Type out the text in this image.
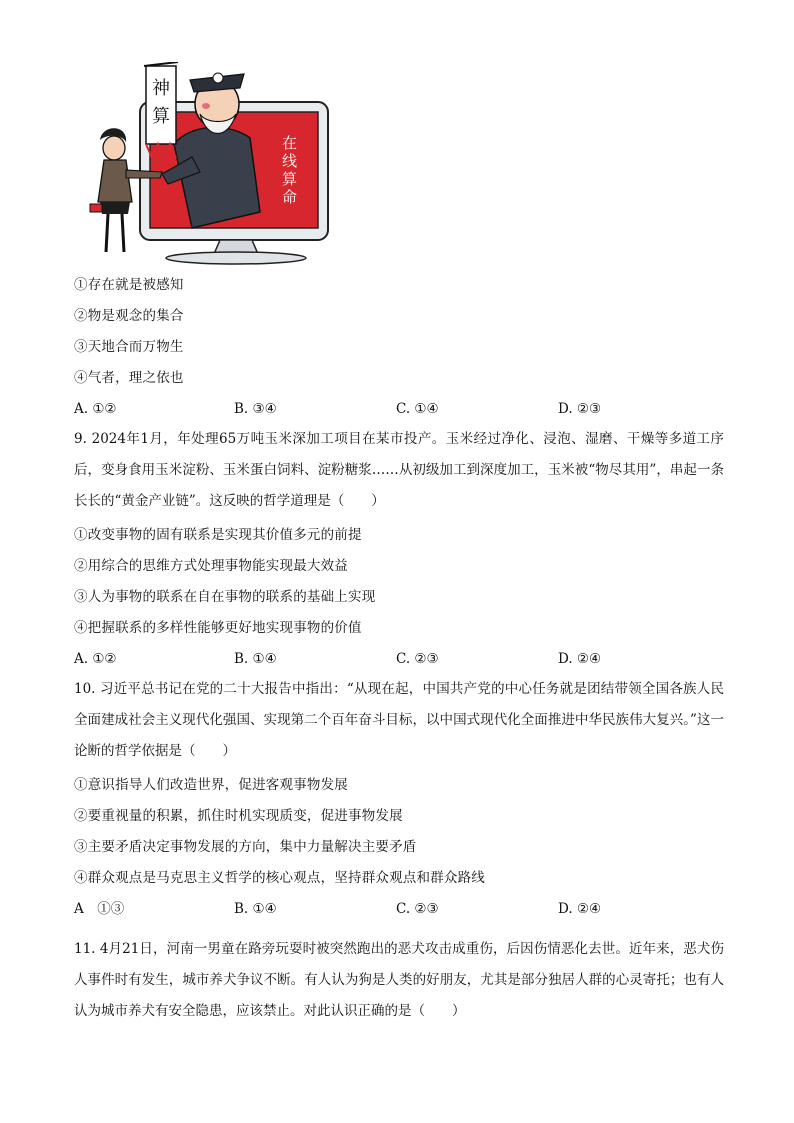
在
线
算
命
神
算
①存在就是被感知
②物是观念的集合
③天地合而万物生
④气者，理之依也
A. ①②	B. ③④	C. ①④	D. ②③
9. 2024年1月，年处理65万吨玉米深加工项目在某市投产。玉米经过净化、浸泡、湿磨、干燥等多道工序后，变身食用玉米淀粉、玉米蛋白饲料、淀粉糖浆……从初级加工到深度加工，玉米被“物尽其用”，串起一条长长的“黄金产业链”。这反映的哲学道理是（　　）
①改变事物的固有联系是实现其价值多元的前提
②用综合的思维方式处理事物能实现最大效益
③人为事物的联系在自在事物的联系的基础上实现
④把握联系的多样性能够更好地实现事物的价值
A. ①②	B. ①④	C. ②③	D. ②④
10. 习近平总书记在党的二十大报告中指出：“从现在起，中国共产党的中心任务就是团结带领全国各族人民全面建成社会主义现代化强国、实现第二个百年奋斗目标，以中国式现代化全面推进中华民族伟大复兴。”这一论断的哲学依据是（　　）
①意识指导人们改造世界，促进客观事物发展
②要重视量的积累，抓住时机实现质变，促进事物发展
③主要矛盾决定事物发展的方向，集中力量解决主要矛盾
④群众观点是马克思主义哲学的核心观点，坚持群众观点和群众路线
A　①③	B. ①④	C. ②③	D. ②④
11. 4月21日，河南一男童在路旁玩耍时被突然跑出的恶犬攻击成重伤，后因伤情恶化去世。近年来，恶犬伤人事件时有发生，城市养犬争议不断。有人认为狗是人类的好朋友，尤其是部分独居人群的心灵寄托；也有人认为城市养犬有安全隐患，应该禁止。对此认识正确的是（　　）
